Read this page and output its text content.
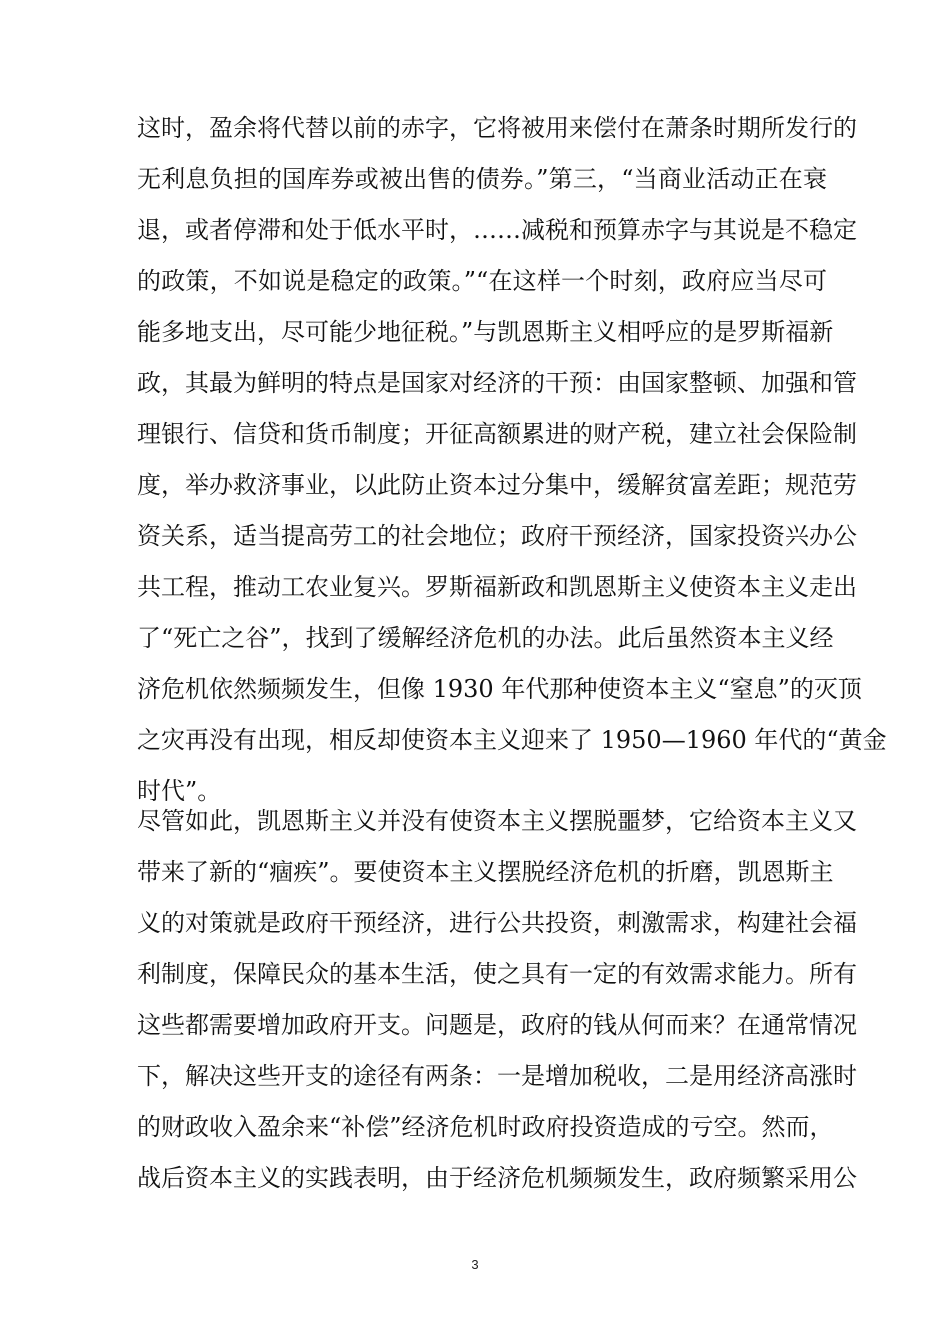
这时，盈余将代替以前的赤字，它将被用来偿付在萧条时期所发行的
无利息负担的国库券或被出售的债券。”第三，“当商业活动正在衰
退，或者停滞和处于低水平时，……减税和预算赤字与其说是不稳定
的政策，不如说是稳定的政策。”“在这样一个时刻，政府应当尽可
能多地支出，尽可能少地征税。”与凯恩斯主义相呼应的是罗斯福新
政，其最为鲜明的特点是国家对经济的干预：由国家整顿、加强和管
理银行、信贷和货币制度；开征高额累进的财产税，建立社会保险制
度，举办救济事业，以此防止资本过分集中，缓解贫富差距；规范劳
资关系，适当提高劳工的社会地位；政府干预经济，国家投资兴办公
共工程，推动工农业复兴。罗斯福新政和凯恩斯主义使资本主义走出
了“死亡之谷”，找到了缓解经济危机的办法。此后虽然资本主义经
济危机依然频频发生，但像 1930 年代那种使资本主义“窒息”的灭顶
之灾再没有出现，相反却使资本主义迎来了 1950—1960 年代的“黄金
时代”。
尽管如此，凯恩斯主义并没有使资本主义摆脱噩梦，它给资本主义又
带来了新的“痼疾”。要使资本主义摆脱经济危机的折磨，凯恩斯主
义的对策就是政府干预经济，进行公共投资，刺激需求，构建社会福
利制度，保障民众的基本生活，使之具有一定的有效需求能力。所有
这些都需要增加政府开支。问题是，政府的钱从何而来？在通常情况
下，解决这些开支的途径有两条：一是增加税收，二是用经济高涨时
的财政收入盈余来“补偿”经济危机时政府投资造成的亏空。然而，
战后资本主义的实践表明，由于经济危机频频发生，政府频繁采用公
3
